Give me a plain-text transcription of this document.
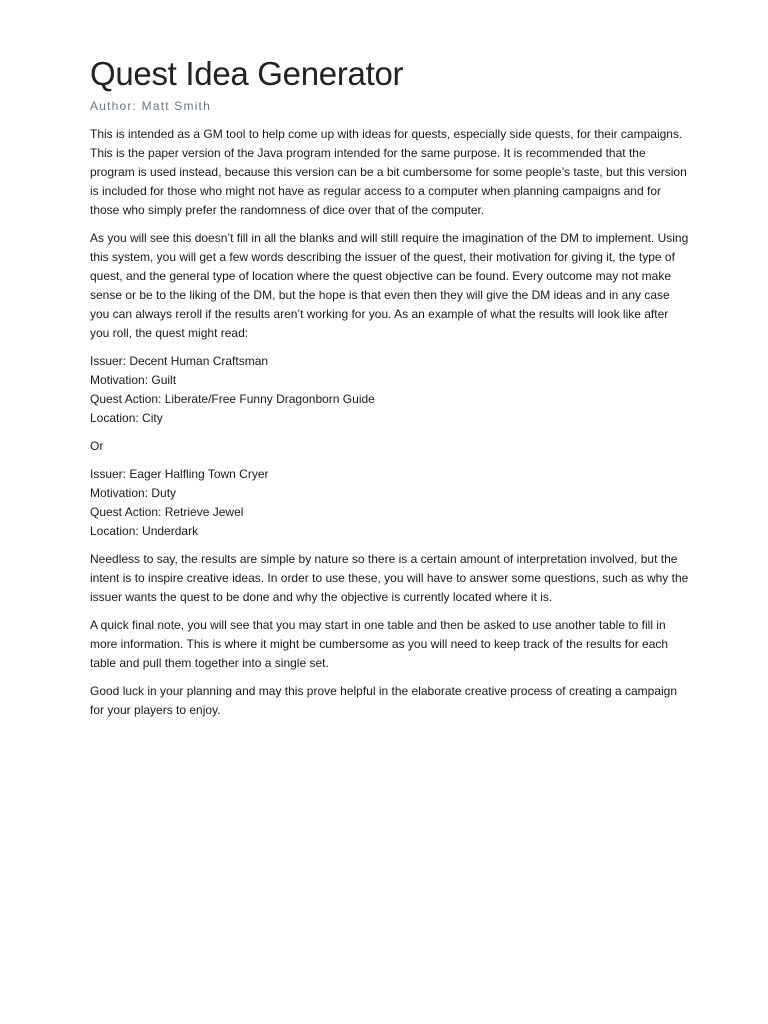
Quest Idea Generator
Author: Matt Smith

This is intended as a GM tool to help come up with ideas for quests, especially side quests, for their campaigns. This is the paper version of the Java program intended for the same purpose. It is recommended that the program is used instead, because this version can be a bit cumbersome for some people’s taste, but this version is included for those who might not have as regular access to a computer when planning campaigns and for those who simply prefer the randomness of dice over that of the computer.

As you will see this doesn’t fill in all the blanks and will still require the imagination of the DM to implement. Using this system, you will get a few words describing the issuer of the quest, their motivation for giving it, the type of quest, and the general type of location where the quest objective can be found. Every outcome may not make sense or be to the liking of the DM, but the hope is that even then they will give the DM ideas and in any case you can always reroll if the results aren’t working for you. As an example of what the results will look like after you roll, the quest might read:

Issuer: Decent Human Craftsman

Motivation: Guilt

Quest Action: Liberate/Free Funny Dragonborn Guide

Location: City

Or

Issuer: Eager Halfling Town Cryer

Motivation: Duty

Quest Action: Retrieve Jewel

Location: Underdark

Needless to say, the results are simple by nature so there is a certain amount of interpretation involved, but the intent is to inspire creative ideas. In order to use these, you will have to answer some questions, such as why the issuer wants the quest to be done and why the objective is currently located where it is.

A quick final note, you will see that you may start in one table and then be asked to use another table to fill in more information. This is where it might be cumbersome as you will need to keep track of the results for each table and pull them together into a single set.

Good luck in your planning and may this prove helpful in the elaborate creative process of creating a campaign for your players to enjoy.
